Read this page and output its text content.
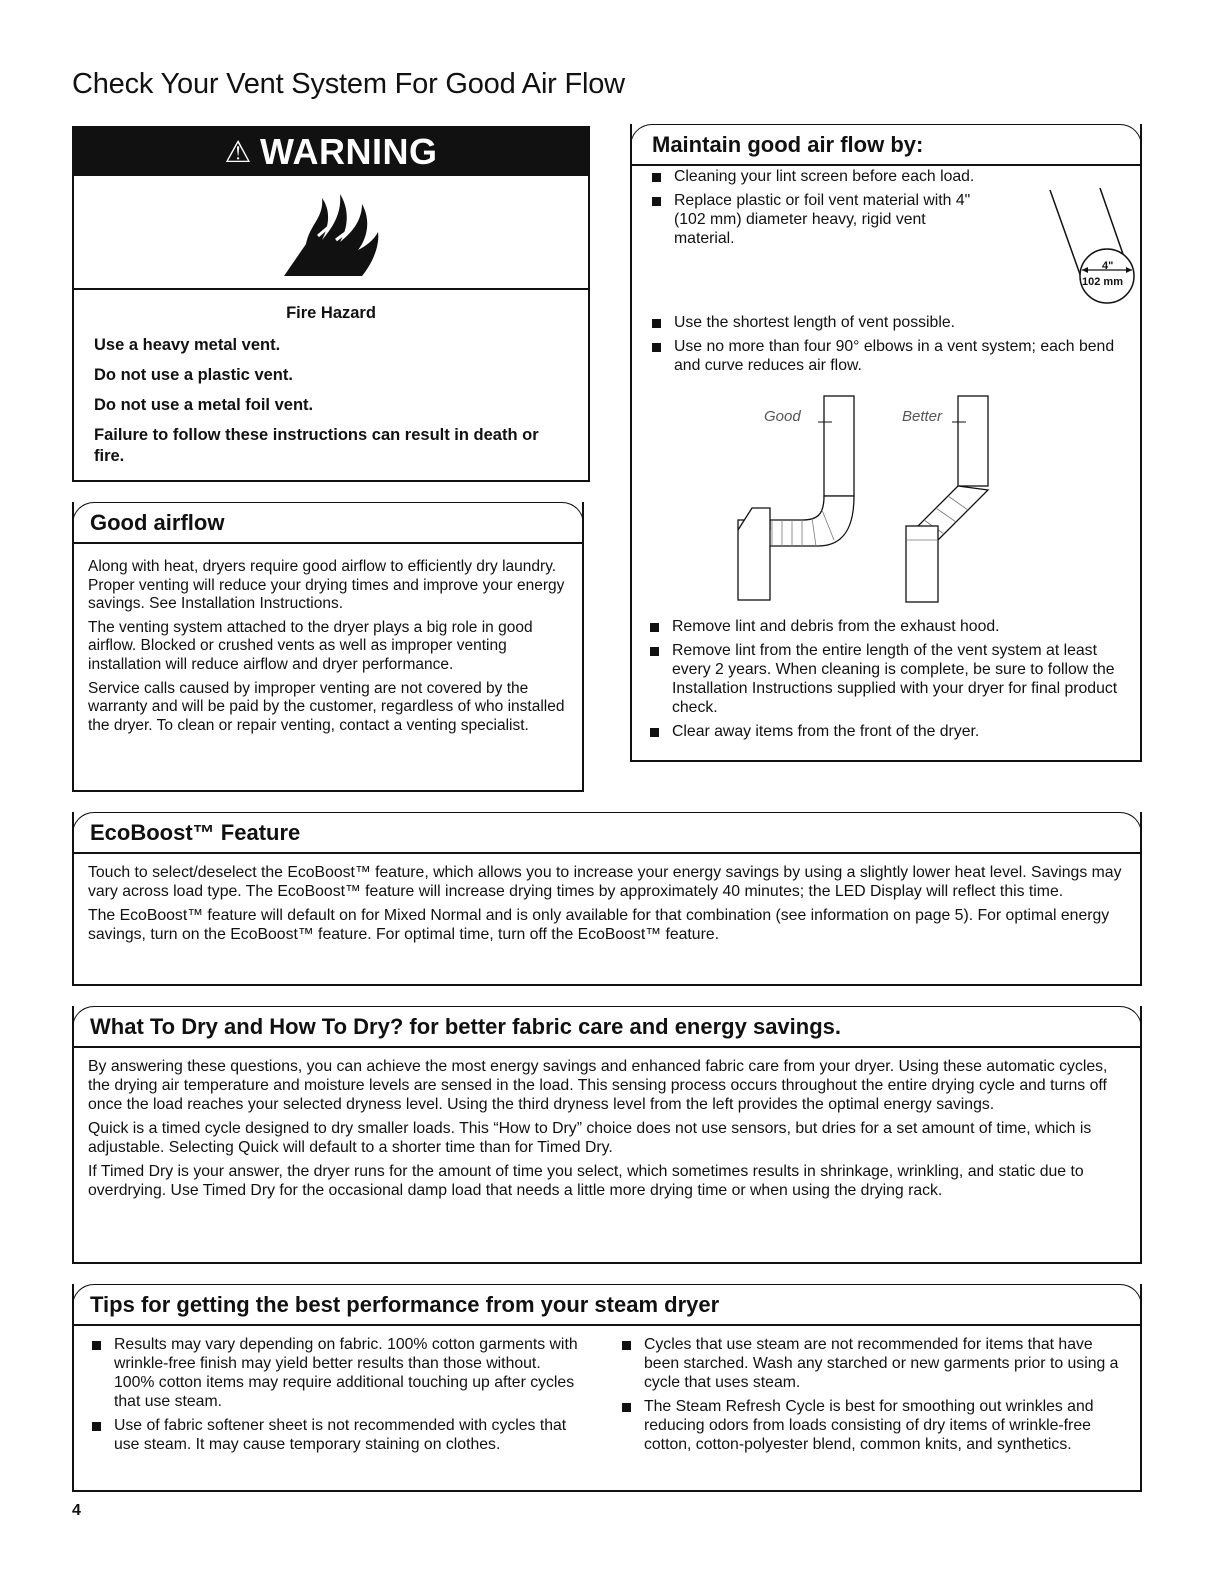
Check Your Vent System For Good Air Flow
⚠ WARNING
Fire Hazard

Use a heavy metal vent.

Do not use a plastic vent.

Do not use a metal foil vent.

Failure to follow these instructions can result in death or fire.

Good airflow

Along with heat, dryers require good airflow to efficiently dry laundry. Proper venting will reduce your drying times and improve your energy savings. See Installation Instructions.

The venting system attached to the dryer plays a big role in good airflow. Blocked or crushed vents as well as improper venting installation will reduce airflow and dryer performance.

Service calls caused by improper venting are not covered by the warranty and will be paid by the customer, regardless of who installed the dryer. To clean or repair venting, contact a venting specialist.

Maintain good air flow by:
Cleaning your lint screen before each load.
Replace plastic or foil vent material with 4" (102 mm) diameter heavy, rigid vent material.
4"
102 mm
Use the shortest length of vent possible.
Use no more than four 90° elbows in a vent system; each bend and curve reduces air flow.
Good	Better
Remove lint and debris from the exhaust hood.
Remove lint from the entire length of the vent system at least every 2 years. When cleaning is complete, be sure to follow the Installation Instructions supplied with your dryer for final product check.
Clear away items from the front of the dryer.
EcoBoost™ Feature

Touch to select/deselect the EcoBoost™ feature, which allows you to increase your energy savings by using a slightly lower heat level. Savings may vary across load type. The EcoBoost™ feature will increase drying times by approximately 40 minutes; the LED Display will reflect this time.

The EcoBoost™ feature will default on for Mixed Normal and is only available for that combination (see information on page 5). For optimal energy savings, turn on the EcoBoost™ feature. For optimal time, turn off the EcoBoost™ feature.

What To Dry and How To Dry? for better fabric care and energy savings.

By answering these questions, you can achieve the most energy savings and enhanced fabric care from your dryer. Using these automatic cycles, the drying air temperature and moisture levels are sensed in the load. This sensing process occurs throughout the entire drying cycle and turns off once the load reaches your selected dryness level. Using the third dryness level from the left provides the optimal energy savings.

Quick is a timed cycle designed to dry smaller loads. This “How to Dry” choice does not use sensors, but dries for a set amount of time, which is adjustable. Selecting Quick will default to a shorter time than for Timed Dry.

If Timed Dry is your answer, the dryer runs for the amount of time you select, which sometimes results in shrinkage, wrinkling, and static due to overdrying. Use Timed Dry for the occasional damp load that needs a little more drying time or when using the drying rack.

Tips for getting the best performance from your steam dryer
Results may vary depending on fabric. 100% cotton garments with wrinkle-free finish may yield better results than those without. 100% cotton items may require additional touching up after cycles that use steam.
Use of fabric softener sheet is not recommended with cycles that use steam. It may cause temporary staining on clothes.
Cycles that use steam are not recommended for items that have been starched. Wash any starched or new garments prior to using a cycle that uses steam.
The Steam Refresh Cycle is best for smoothing out wrinkles and reducing odors from loads consisting of dry items of wrinkle-free cotton, cotton-polyester blend, common knits, and synthetics.
4
